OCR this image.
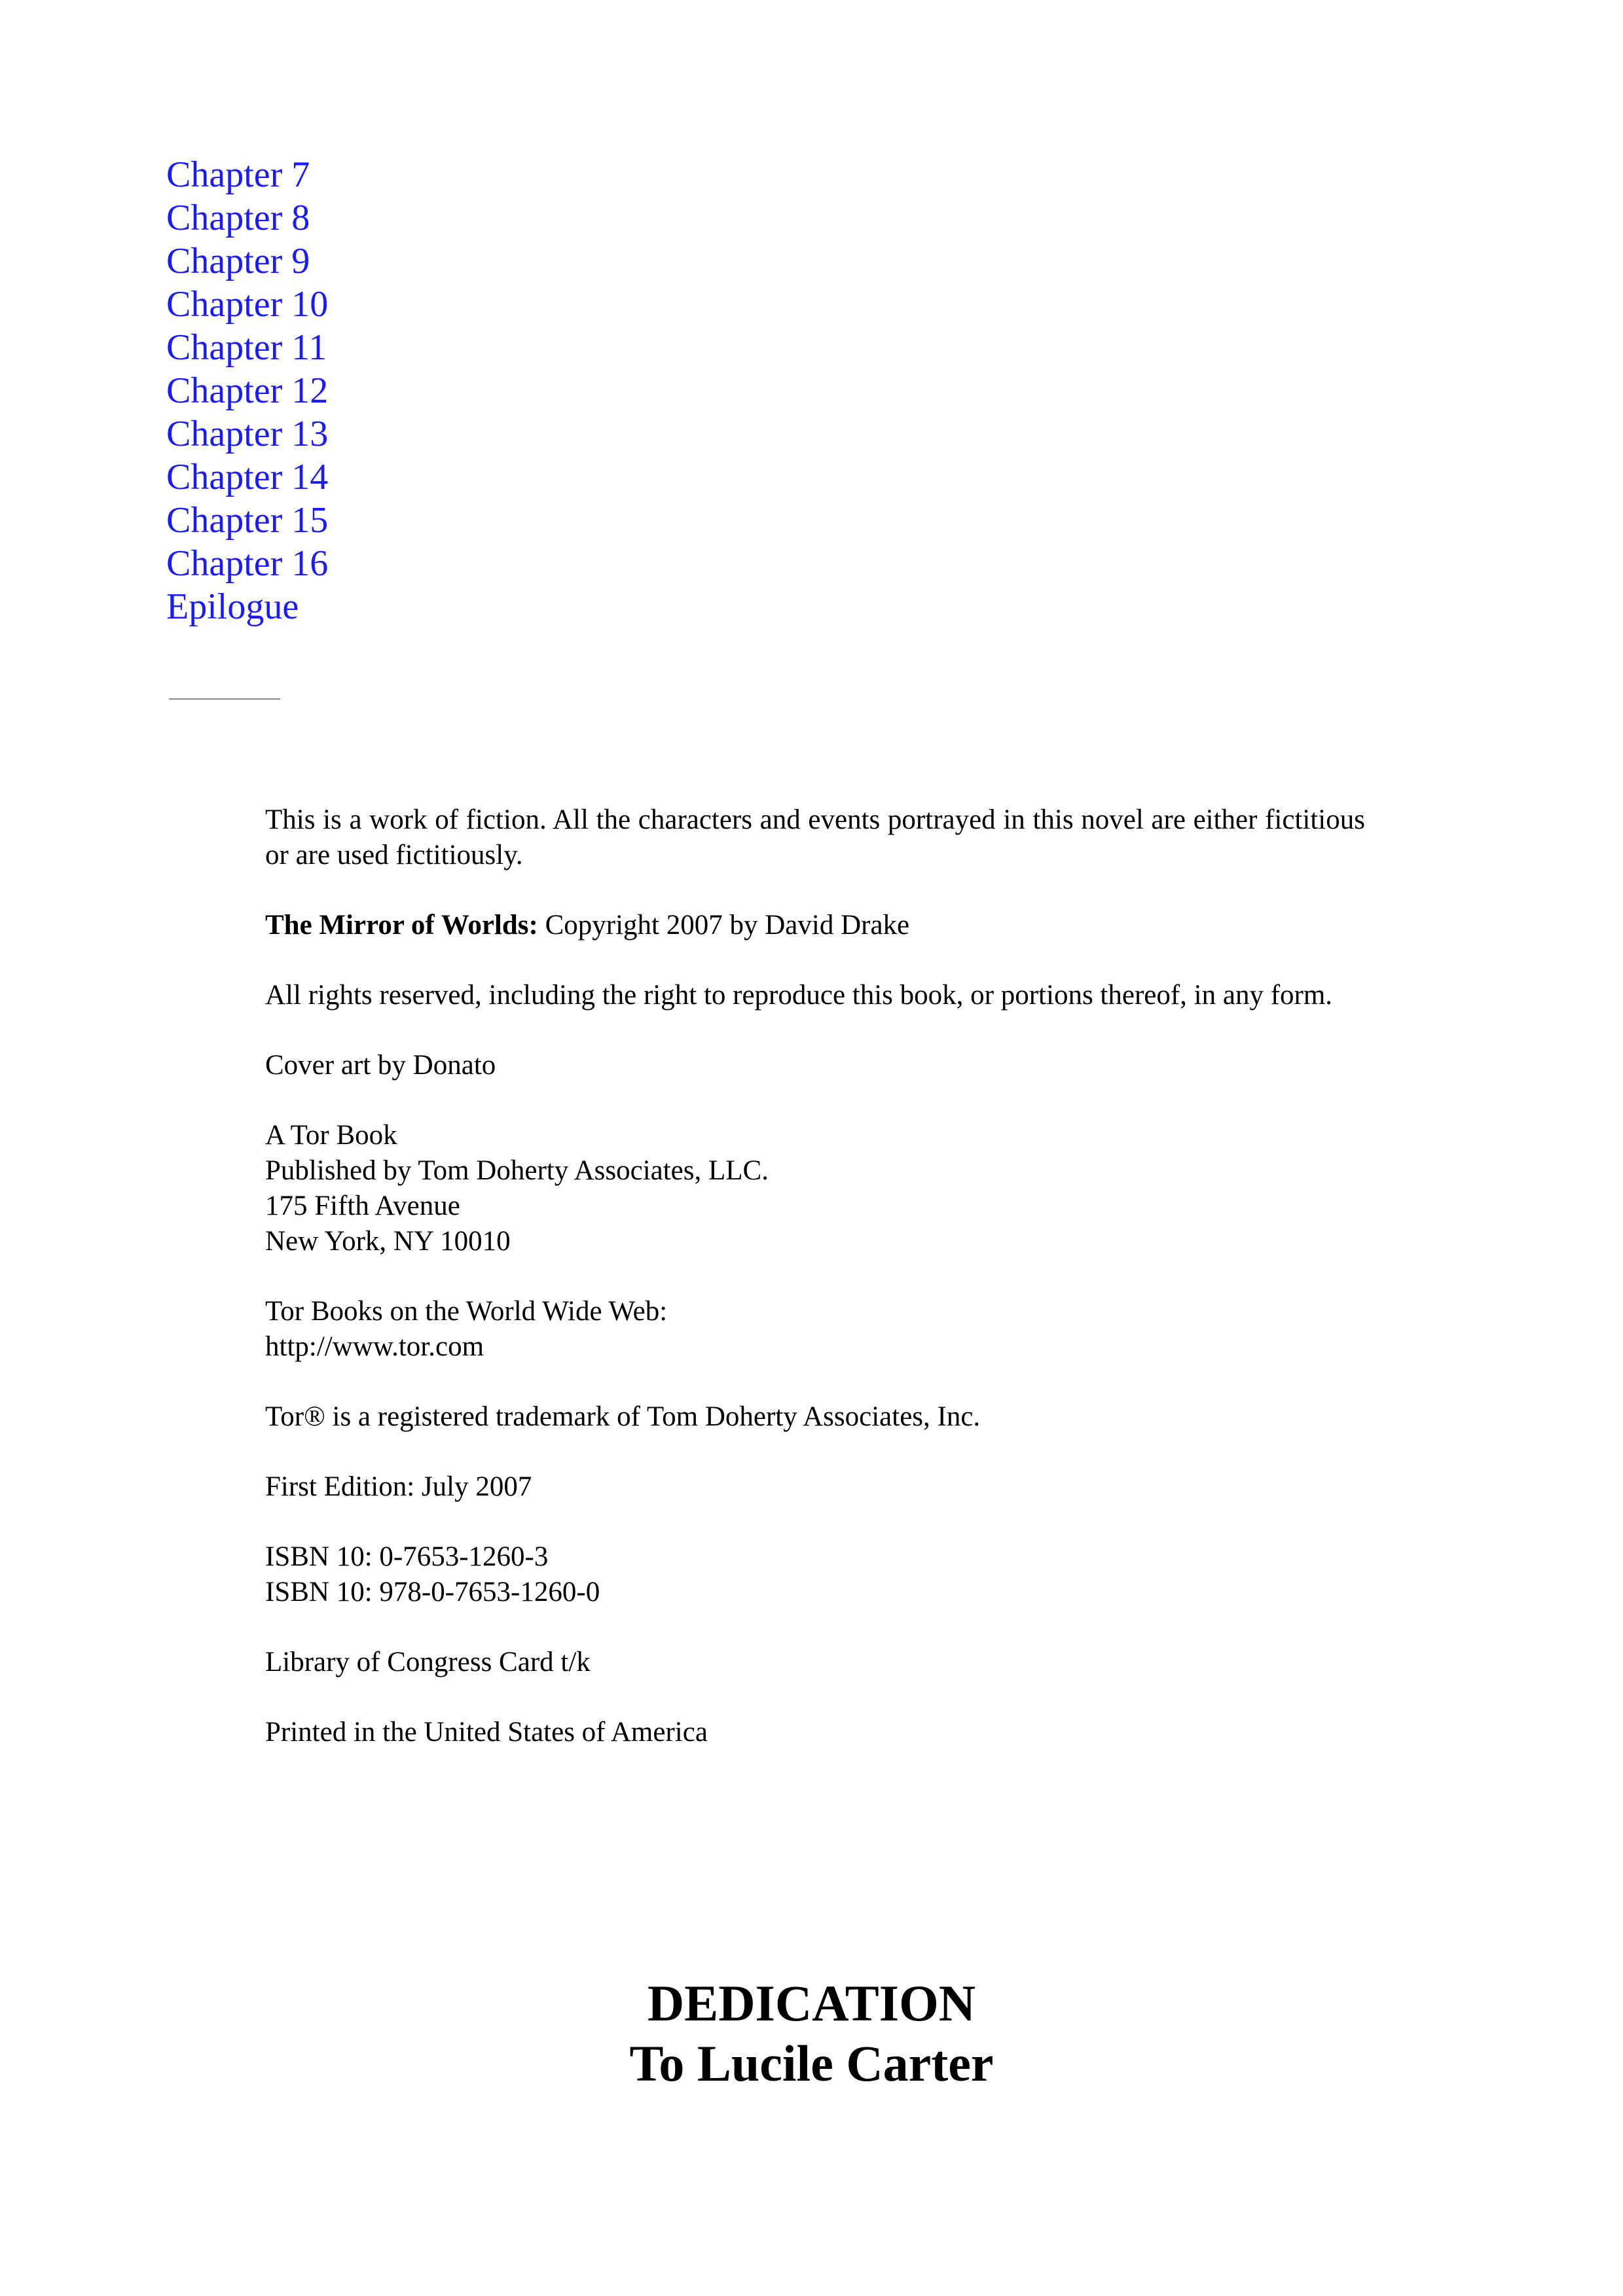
Chapter 7
Chapter 8
Chapter 9
Chapter 10
Chapter 11
Chapter 12
Chapter 13
Chapter 14
Chapter 15
Chapter 16
Epilogue

This is a work of fiction. All the characters and events portrayed in this novel are either fictitious or are used fictitiously.

The Mirror of Worlds: Copyright 2007 by David Drake

All rights reserved, including the right to reproduce this book, or portions thereof, in any form.

Cover art by Donato

A Tor Book
Published by Tom Doherty Associates, LLC.
175 Fifth Avenue
New York, NY 10010

Tor Books on the World Wide Web:
http://www.tor.com

Tor® is a registered trademark of Tom Doherty Associates, Inc.

First Edition: July 2007

ISBN 10: 0-7653-1260-3
ISBN 10: 978-0-7653-1260-0

Library of Congress Card t/k

Printed in the United States of America

DEDICATION
To Lucile Carter
